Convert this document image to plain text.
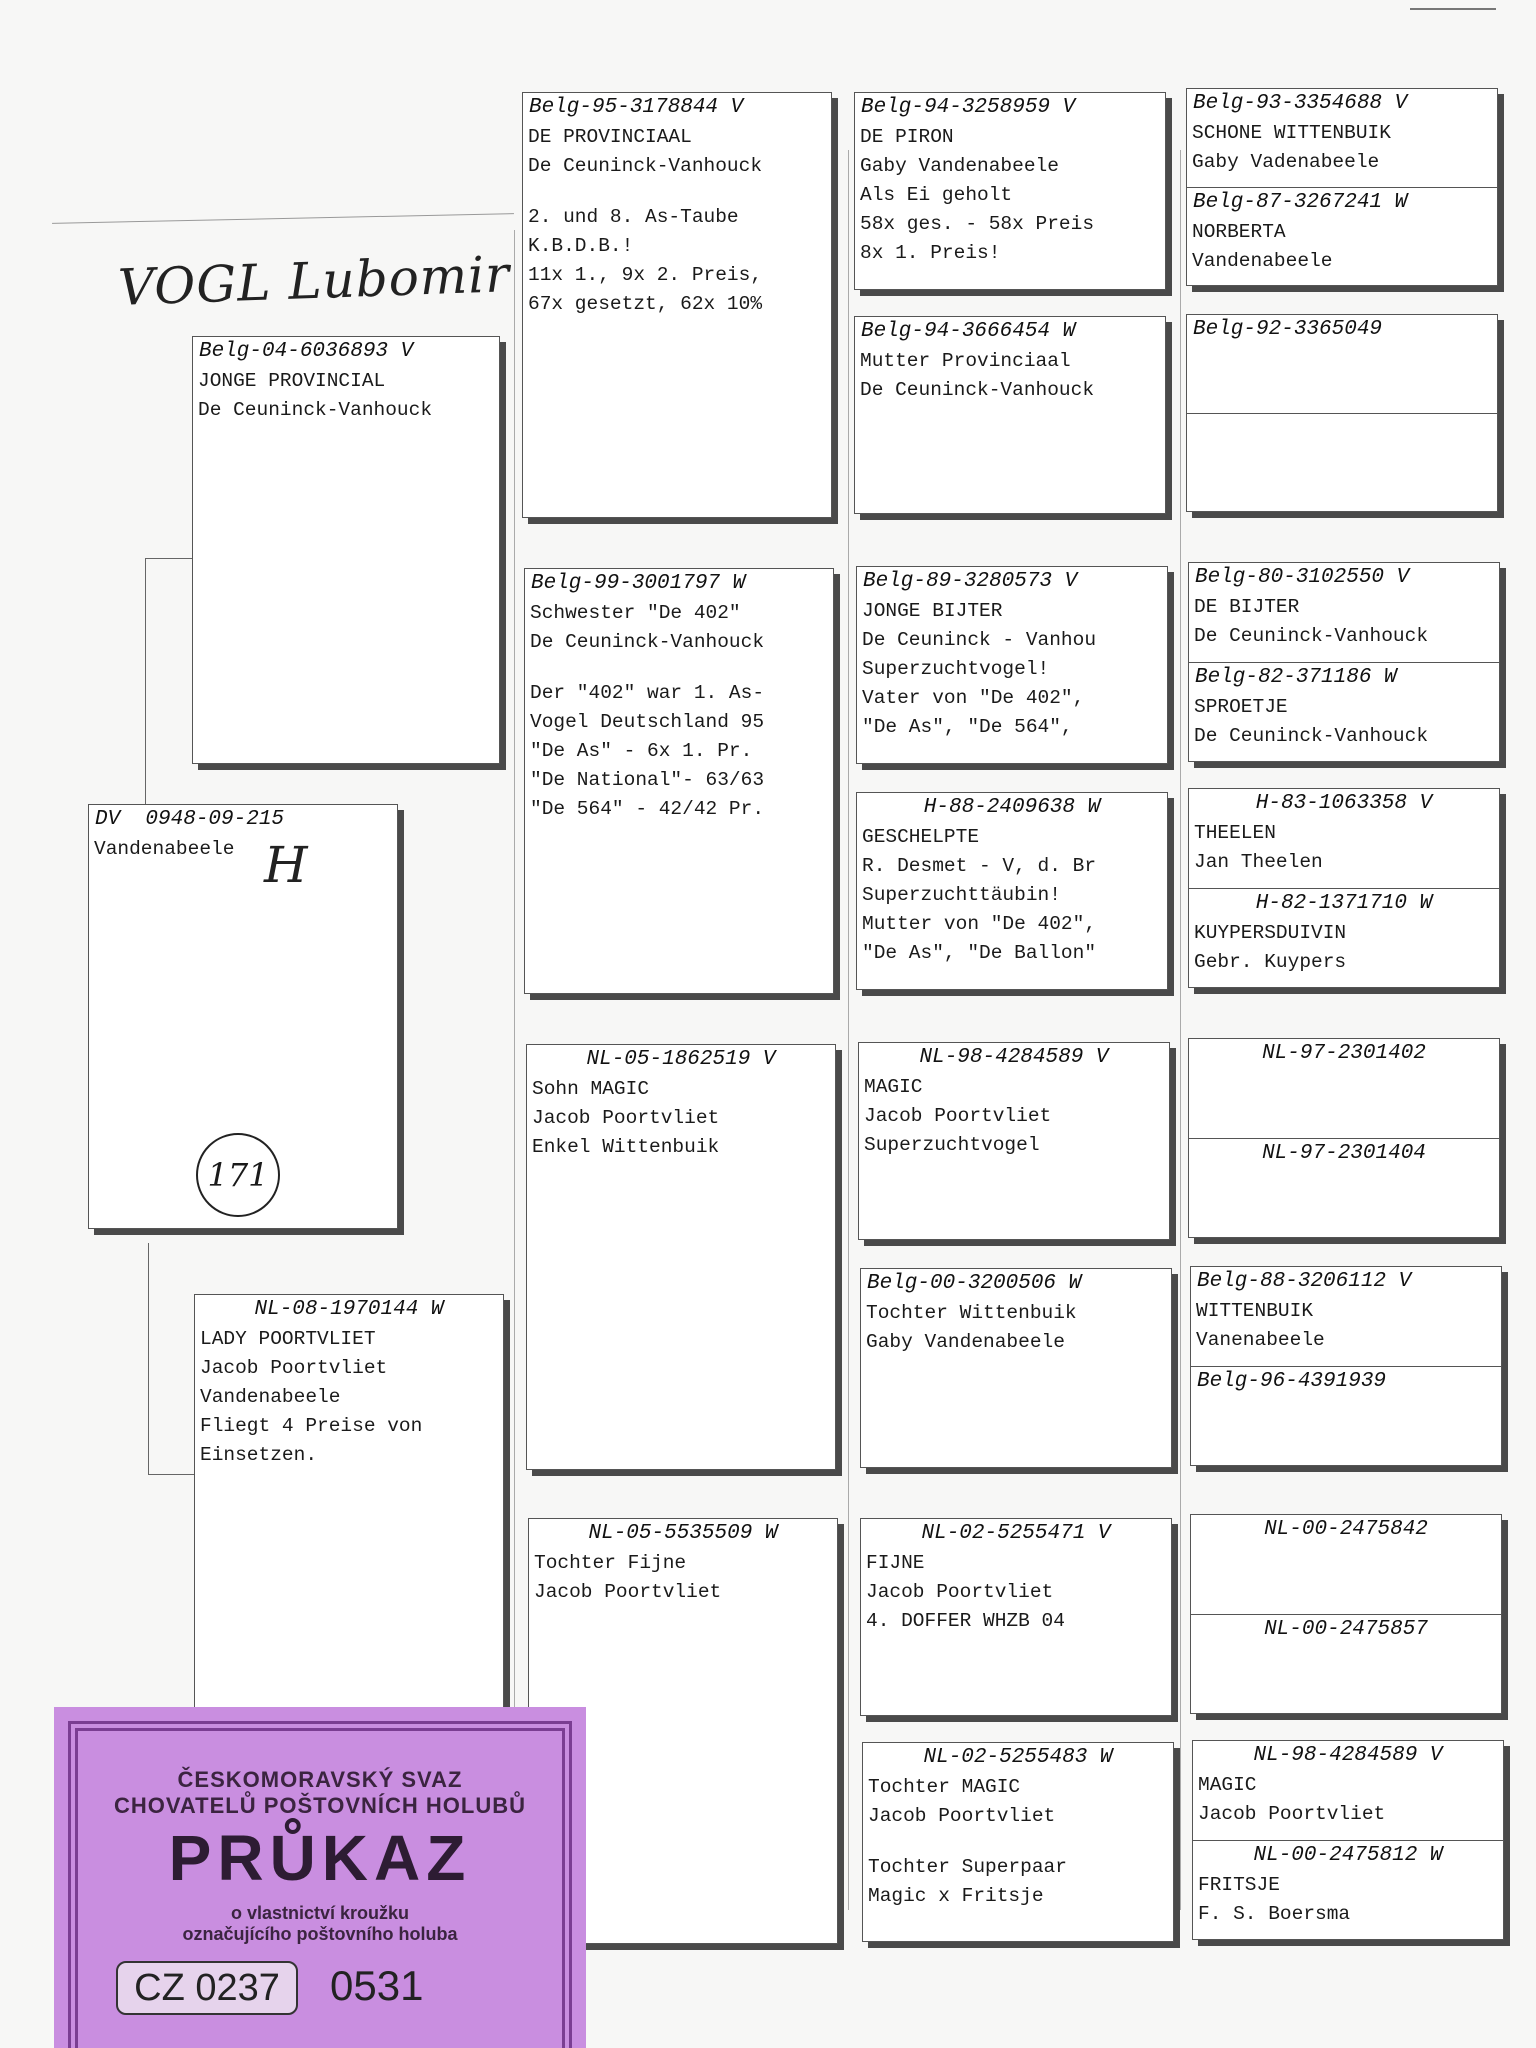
VOGL Lubomir
DV  0948-09-215
Vandenabeele H
171
Belg-04-6036893 V
JONGE PROVINCIAL
De Ceuninck-Vanhouck
NL-08-1970144 W
LADY POORTVLIET
Jacob Poortvliet
Vandenabeele
Fliegt 4 Preise von
Einsetzen.
Belg-95-3178844 V
DE PROVINCIAAL
De Ceuninck-Vanhouck
2. und 8. As-Taube
K.B.D.B.!
11x 1., 9x 2. Preis,
67x gesetzt, 62x 10%
Belg-99-3001797 W
Schwester "De 402"
De Ceuninck-Vanhouck
Der "402" war 1. As-
Vogel Deutschland 95
"De As" - 6x 1. Pr.
"De National"- 63/63
"De 564" - 42/42 Pr.
NL-05-1862519 V
Sohn MAGIC
Jacob Poortvliet
Enkel Wittenbuik
NL-05-5535509 W
Tochter Fijne
Jacob Poortvliet
Belg-94-3258959 V
DE PIRON
Gaby Vandenabeele
Als Ei geholt
58x ges. - 58x Preis
8x 1. Preis!
Belg-94-3666454 W
Mutter Provinciaal
De Ceuninck-Vanhouck
Belg-89-3280573 V
JONGE BIJTER
De Ceuninck - Vanhou
Superzuchtvogel!
Vater von "De 402",
"De As", "De 564",
H-88-2409638 W
GESCHELPTE
R. Desmet - V, d. Br
Superzuchttäubin!
Mutter von "De 402",
"De As", "De Ballon"
NL-98-4284589 V
MAGIC
Jacob Poortvliet
Superzuchtvogel
Belg-00-3200506 W
Tochter Wittenbuik
Gaby Vandenabeele
NL-02-5255471 V
FIJNE
Jacob Poortvliet
4. DOFFER WHZB 04
NL-02-5255483 W
Tochter MAGIC
Jacob Poortvliet
Tochter Superpaar
Magic x Fritsje
Belg-93-3354688 V
SCHONE WITTENBUIK
Gaby Vadenabeele
Belg-87-3267241 W
NORBERTA
Vandenabeele
Belg-92-3365049
Belg-80-3102550 V
DE BIJTER
De Ceuninck-Vanhouck
Belg-82-371186 W
SPROETJE
De Ceuninck-Vanhouck
H-83-1063358 V
THEELEN
Jan Theelen
H-82-1371710 W
KUYPERSDUIVIN
Gebr. Kuypers
NL-97-2301402
NL-97-2301404
Belg-88-3206112 V
WITTENBUIK
Vanenabeele
Belg-96-4391939
NL-00-2475842
NL-00-2475857
NL-98-4284589 V
MAGIC
Jacob Poortvliet
NL-00-2475812 W
FRITSJE
F. S. Boersma
ČESKOMORAVSKÝ SVAZ
CHOVATELŮ POŠTOVNÍCH HOLUBŮ
PRŮKAZ
o vlastnictví kroužku
označujícího poštovního holuba
CZ 0237	0531
